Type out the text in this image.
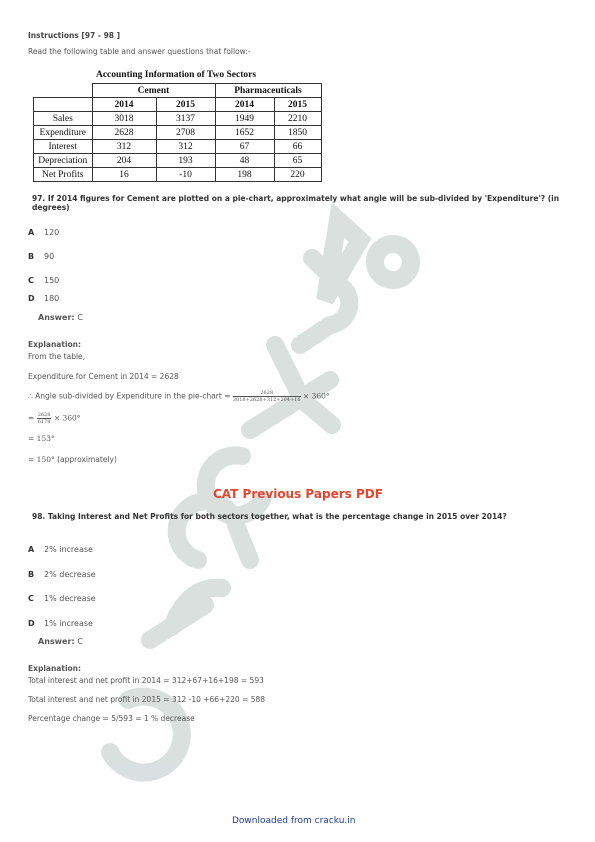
Instructions [97 - 98 ]
Read the following table and answer questions that follow:-
Accounting Information of Two Sectors
	Cement		Pharmaceuticals	
	2014	2015	2014	2015
Sales	3018	3137	1949	2210
Expenditure	2628	2708	1652	1850
Interest	312	312	67	66
Depreciation	204	193	48	65
Net Profits	16	-10	198	220
97. If 2014 figures for Cement are plotted on a pie-chart, approximately what angle will be sub-divided by 'Expenditure'? (in degrees)
A 120
B 90
C 150
D 180
Answer: C
Explanation:
From the table,
Expenditure for Cement in 2014 = 2628
∴ Angle sub-divided by Expenditure in the pie-chart = $\frac{2628}{3018+2628+312+204+16} \times 360^\circ$
= $\frac{2628}{6178} \times 360^\circ$
= 153°
= 150° (approximately)
CAT Previous Papers PDF
98. Taking Interest and Net Profits for both sectors together, what is the percentage change in 2015 over 2014?
A 2% increase
B 2% decrease
C 1% decrease
D 1% increase
Answer: C
Explanation:
Total interest and net profit in 2014 = 312+67+16+198 = 593
Total interest and net profit in 2015 = 312 -10 +66+220 = 588
Percentage change = 5/593 = 1 % decrease
Downloaded from cracku.in
